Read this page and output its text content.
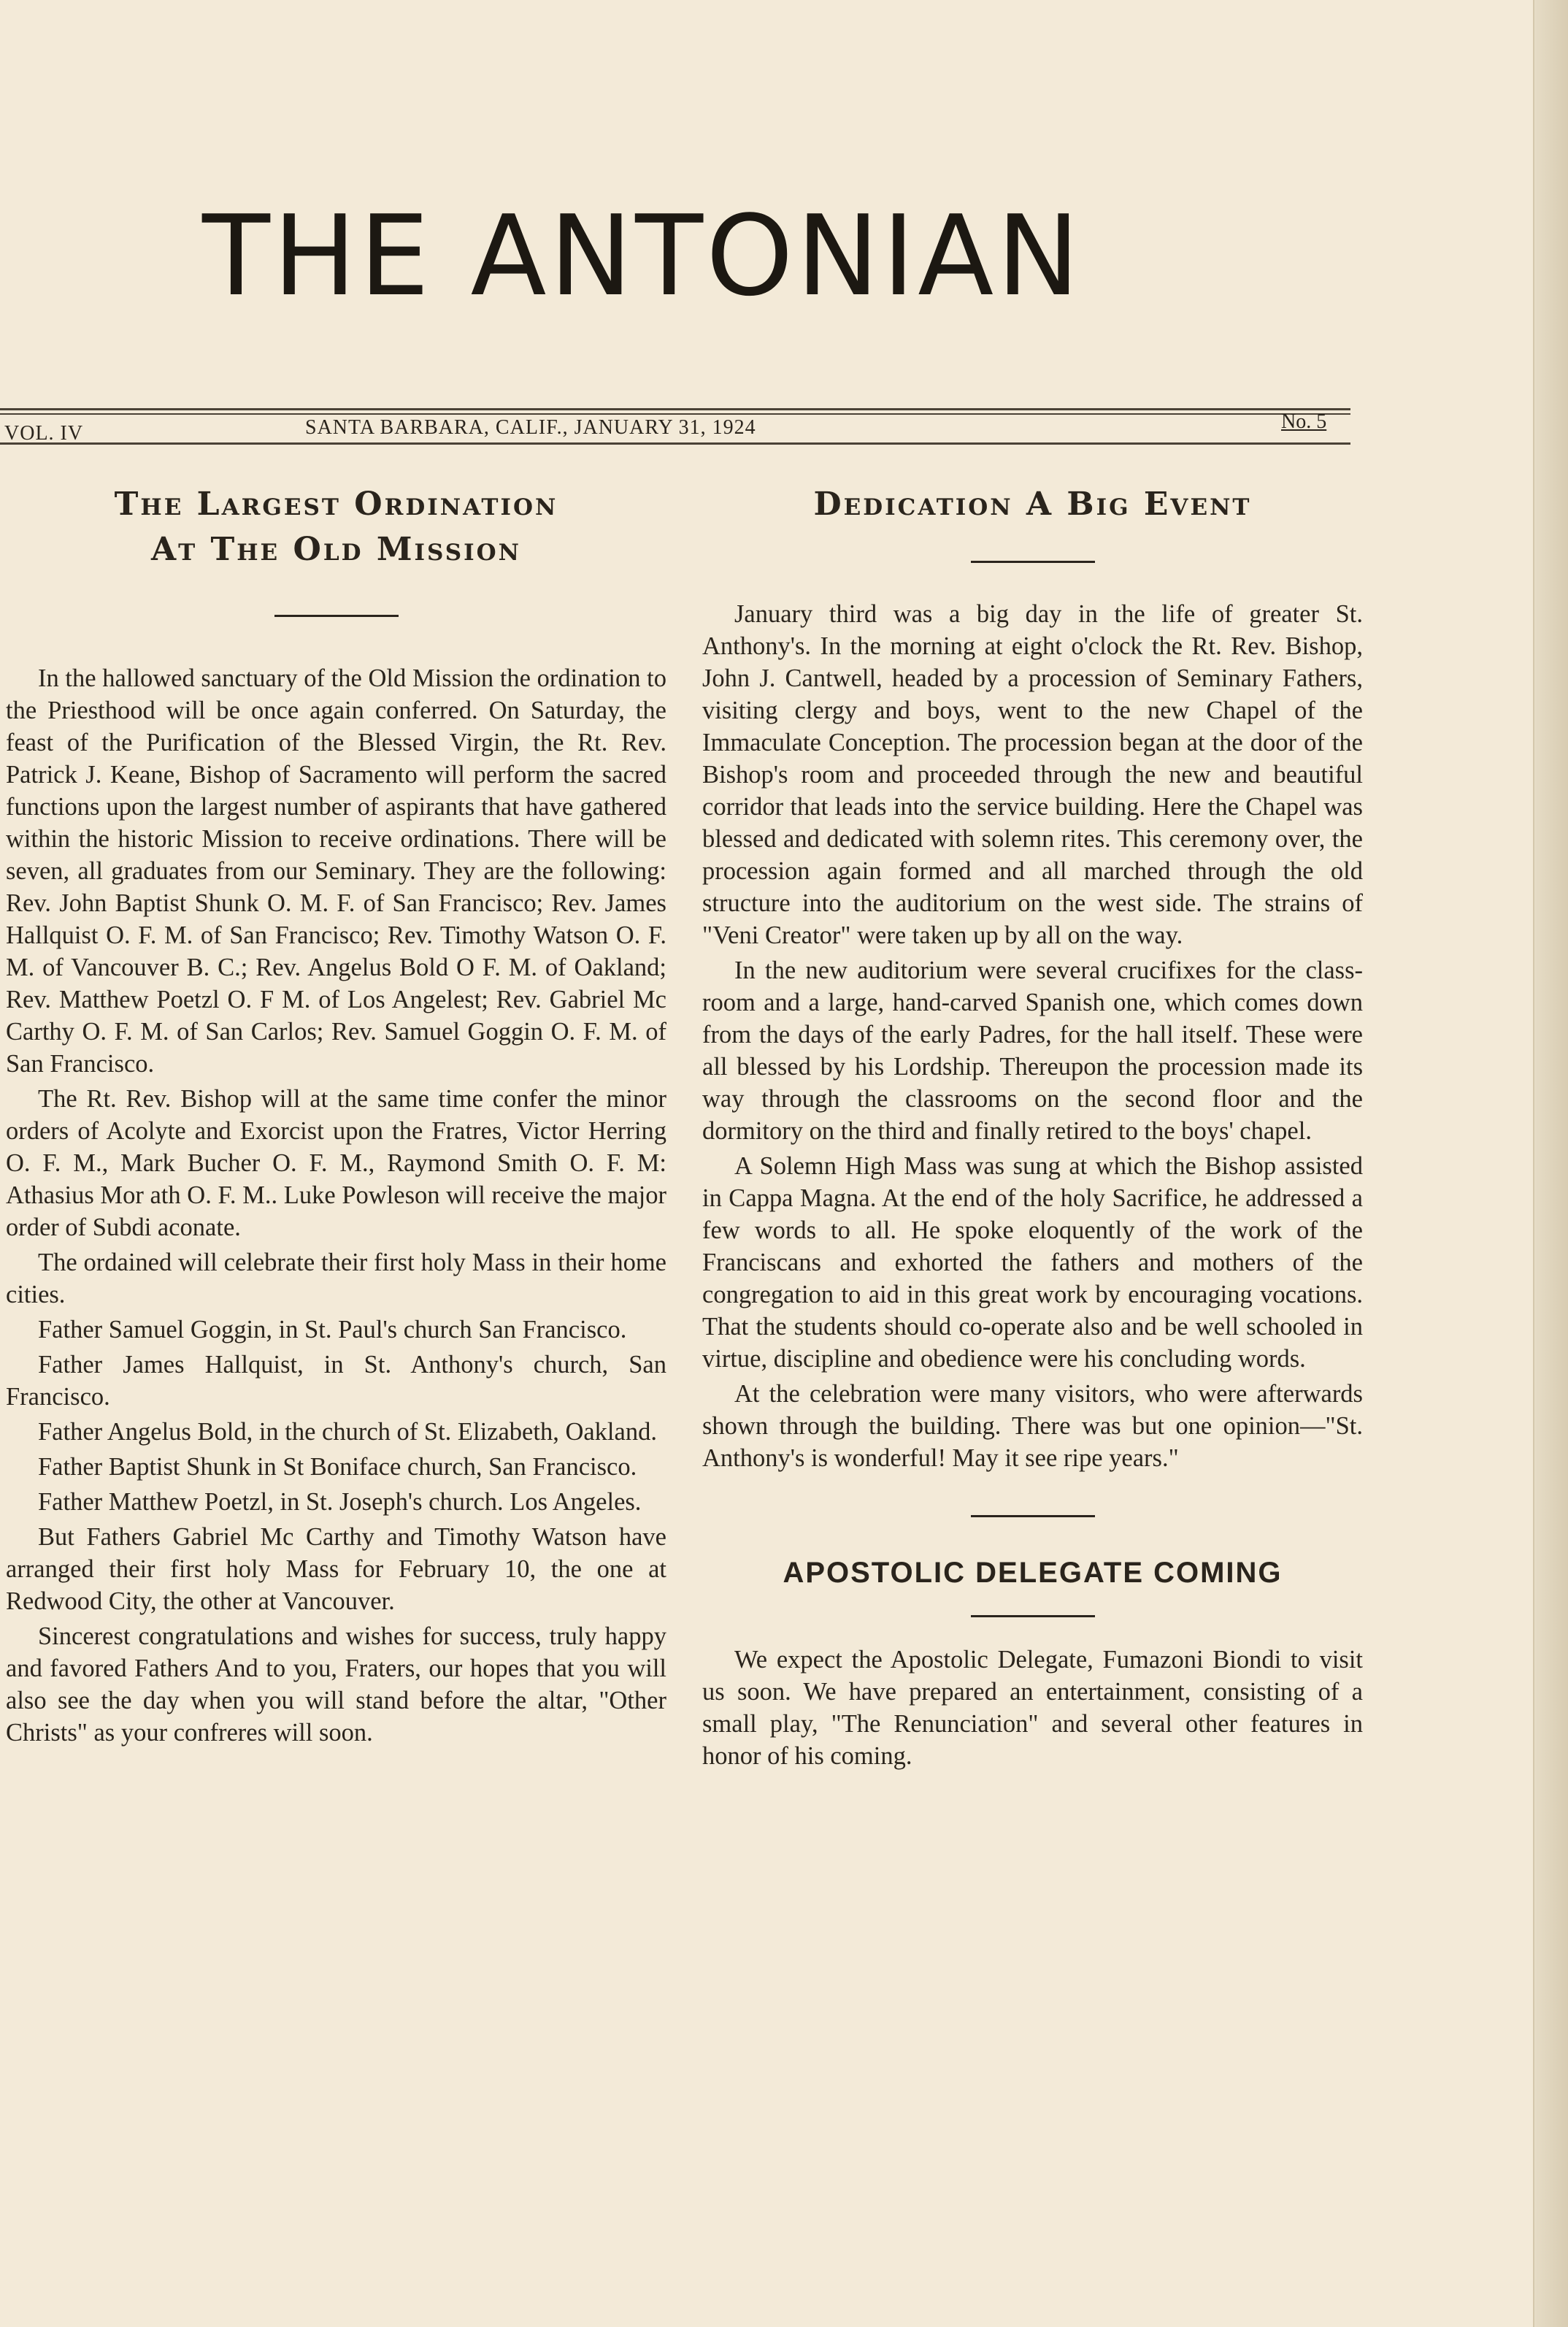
THE ANTONIAN
VOL. IV	SANTA BARBARA, CALIF., JANUARY 31, 1924	No. 5
The Largest Ordination
At The Old Mission

In the hallowed sanctuary of the Old Mission the ordination to the Priesthood will be once again conferred. On Saturday, the feast of the Purification of the Blessed Virgin, the Rt. Rev. Patrick J. Keane, Bishop of Sacramento will perform the sacred functions upon the largest number of aspirants that have gathered within the historic Mission to receive ordinations. There will be seven, all graduates from our Seminary. They are the following: Rev. John Baptist Shunk O. M. F. of San Francisco; Rev. James Hallquist O. F. M. of San Francisco; Rev. Timothy Watson O. F. M. of Vancouver B. C.; Rev. Angelus Bold O F. M. of Oakland; Rev. Matthew Poetzl O. F M. of Los Angelest; Rev. Gabriel Mc Carthy O. F. M. of San Carlos; Rev. Samuel Goggin O. F. M. of San Francisco.

The Rt. Rev. Bishop will at the same time confer the minor orders of Acolyte and Exorcist upon the Fratres, Victor Herring O. F. M., Mark Bucher O. F. M., Raymond Smith O. F. M: Athasius Mor ath O. F. M.. Luke Powleson will receive the major order of Subdi aconate.

The ordained will celebrate their first holy Mass in their home cities.

Father Samuel Goggin, in St. Paul's church San Francisco.

Father James Hallquist, in St. Anthony's church, San Francisco.

Father Angelus Bold, in the church of St. Elizabeth, Oakland.

Father Baptist Shunk in St Boniface church, San Francisco.

Father Matthew Poetzl, in St. Joseph's church. Los Angeles.

But Fathers Gabriel Mc Carthy and Timothy Watson have arranged their first holy Mass for February 10, the one at Redwood City, the other at Vancouver.

Sincerest congratulations and wishes for success, truly happy and favored Fathers And to you, Fraters, our hopes that you will also see the day when you will stand before the altar, "Other Christs" as your confreres will soon.

Dedication A Big Event

January third was a big day in the life of greater St. Anthony's. In the morning at eight o'clock the Rt. Rev. Bishop, John J. Cantwell, headed by a procession of Seminary Fathers, visiting clergy and boys, went to the new Chapel of the Immaculate Conception. The procession began at the door of the Bishop's room and proceeded through the new and beautiful corridor that leads into the service building. Here the Chapel was blessed and dedicated with solemn rites. This ceremony over, the procession again formed and all marched through the old structure into the auditorium on the west side. The strains of "Veni Creator" were taken up by all on the way.

In the new auditorium were several crucifixes for the class-room and a large, hand-carved Spanish one, which comes down from the days of the early Padres, for the hall itself. These were all blessed by his Lordship. Thereupon the procession made its way through the classrooms on the second floor and the dormitory on the third and finally retired to the boys' chapel.

A Solemn High Mass was sung at which the Bishop assisted in Cappa Magna. At the end of the holy Sacrifice, he addressed a few words to all. He spoke eloquently of the work of the Franciscans and exhorted the fathers and mothers of the congregation to aid in this great work by encouraging vocations. That the students should co-operate also and be well schooled in virtue, discipline and obedience were his concluding words.

At the celebration were many visitors, who were afterwards shown through the building. There was but one opinion—"St. Anthony's is wonderful! May it see ripe years."

APOSTOLIC DELEGATE COMING

We expect the Apostolic Delegate, Fumazoni Biondi to visit us soon. We have prepared an entertainment, consisting of a small play, "The Renunciation" and several other features in honor of his coming.
